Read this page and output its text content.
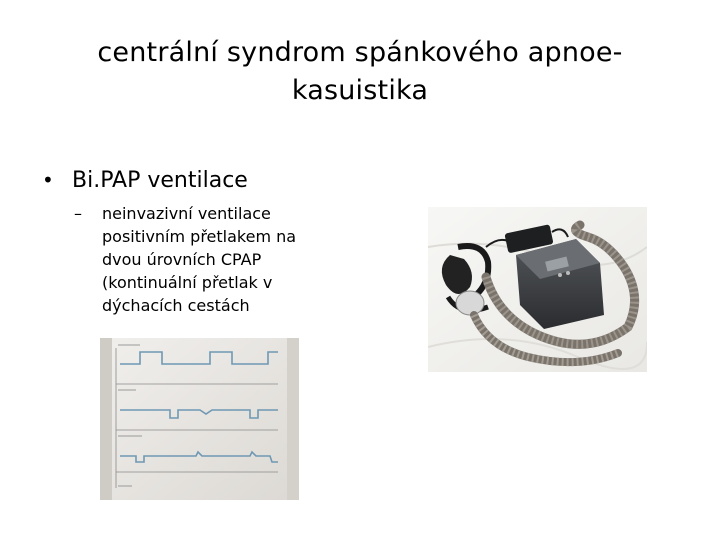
centrální syndrom spánkového apnoe-
kasuistika
• Bi.PAP ventilace
–	neinvazivní ventilace
positivním přetlakem na
dvou úrovních CPAP
(kontinuální přetlak v
dýchacích cestách
